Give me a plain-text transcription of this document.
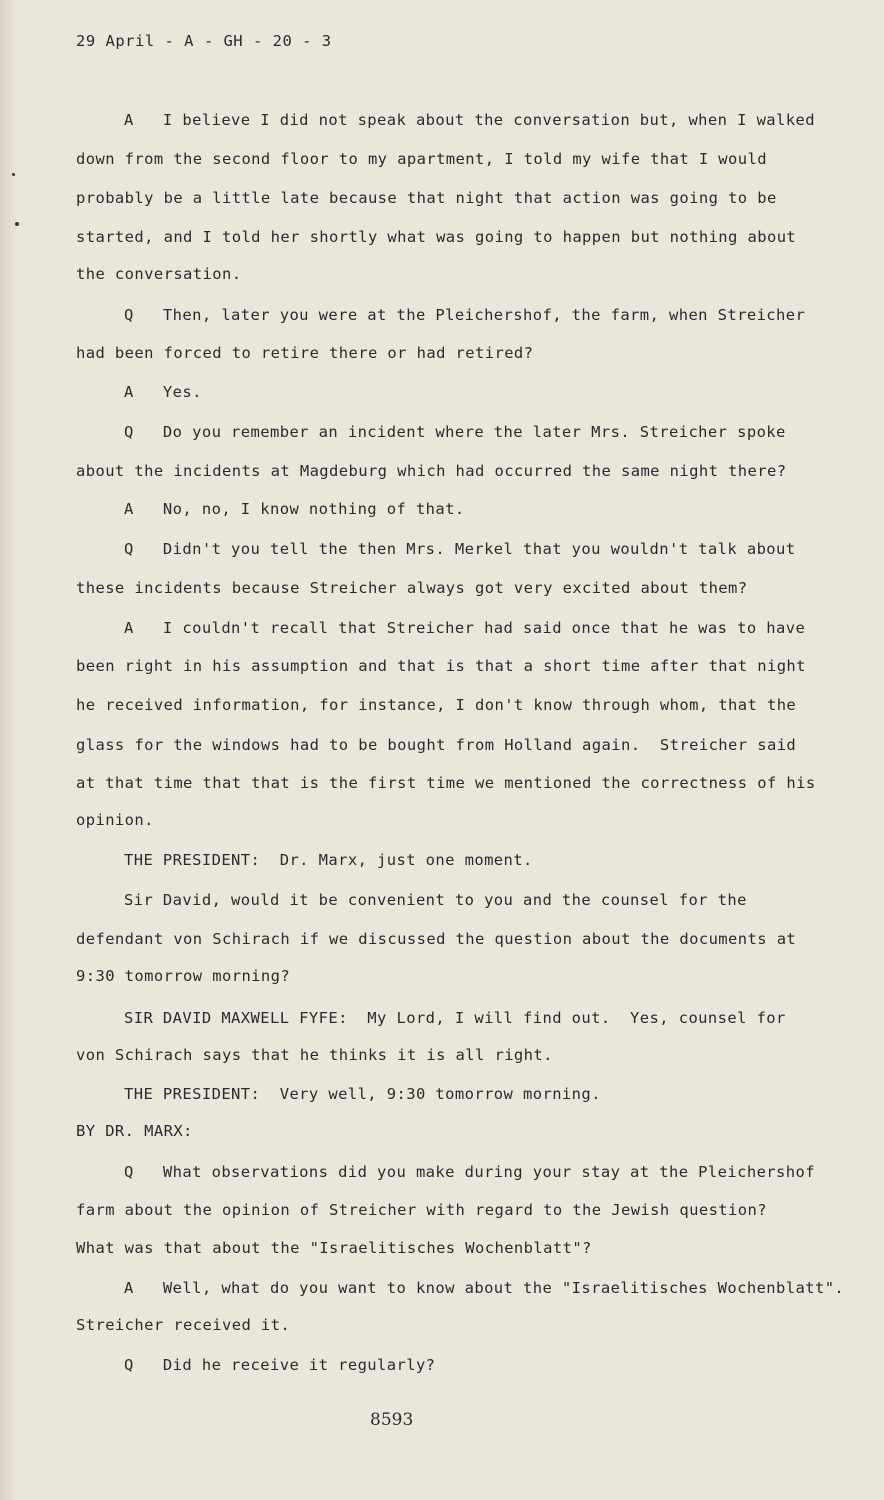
29 April - A - GH - 20 - 3
A   I believe I did not speak about the conversation but, when I walked
down from the second floor to my apartment, I told my wife that I would
probably be a little late because that night that action was going to be
started, and I told her shortly what was going to happen but nothing about
the conversation.
Q   Then, later you were at the Pleichershof, the farm, when Streicher
had been forced to retire there or had retired?
A   Yes.
Q   Do you remember an incident where the later Mrs. Streicher spoke
about the incidents at Magdeburg which had occurred the same night there?
A   No, no, I know nothing of that.
Q   Didn't you tell the then Mrs. Merkel that you wouldn't talk about
these incidents because Streicher always got very excited about them?
A   I couldn't recall that Streicher had said once that he was to have
been right in his assumption and that is that a short time after that night
he received information, for instance, I don't know through whom, that the
glass for the windows had to be bought from Holland again.  Streicher said
at that time that that is the first time we mentioned the correctness of his
opinion.
THE PRESIDENT:  Dr. Marx, just one moment.
Sir David, would it be convenient to you and the counsel for the
defendant von Schirach if we discussed the question about the documents at
9:30 tomorrow morning?
SIR DAVID MAXWELL FYFE:  My Lord, I will find out.  Yes, counsel for
von Schirach says that he thinks it is all right.
THE PRESIDENT:  Very well, 9:30 tomorrow morning.
BY DR. MARX:
Q   What observations did you make during your stay at the Pleichershof
farm about the opinion of Streicher with regard to the Jewish question?
What was that about the "Israelitisches Wochenblatt"?
A   Well, what do you want to know about the "Israelitisches Wochenblatt".
Streicher received it.
Q   Did he receive it regularly?
8593
